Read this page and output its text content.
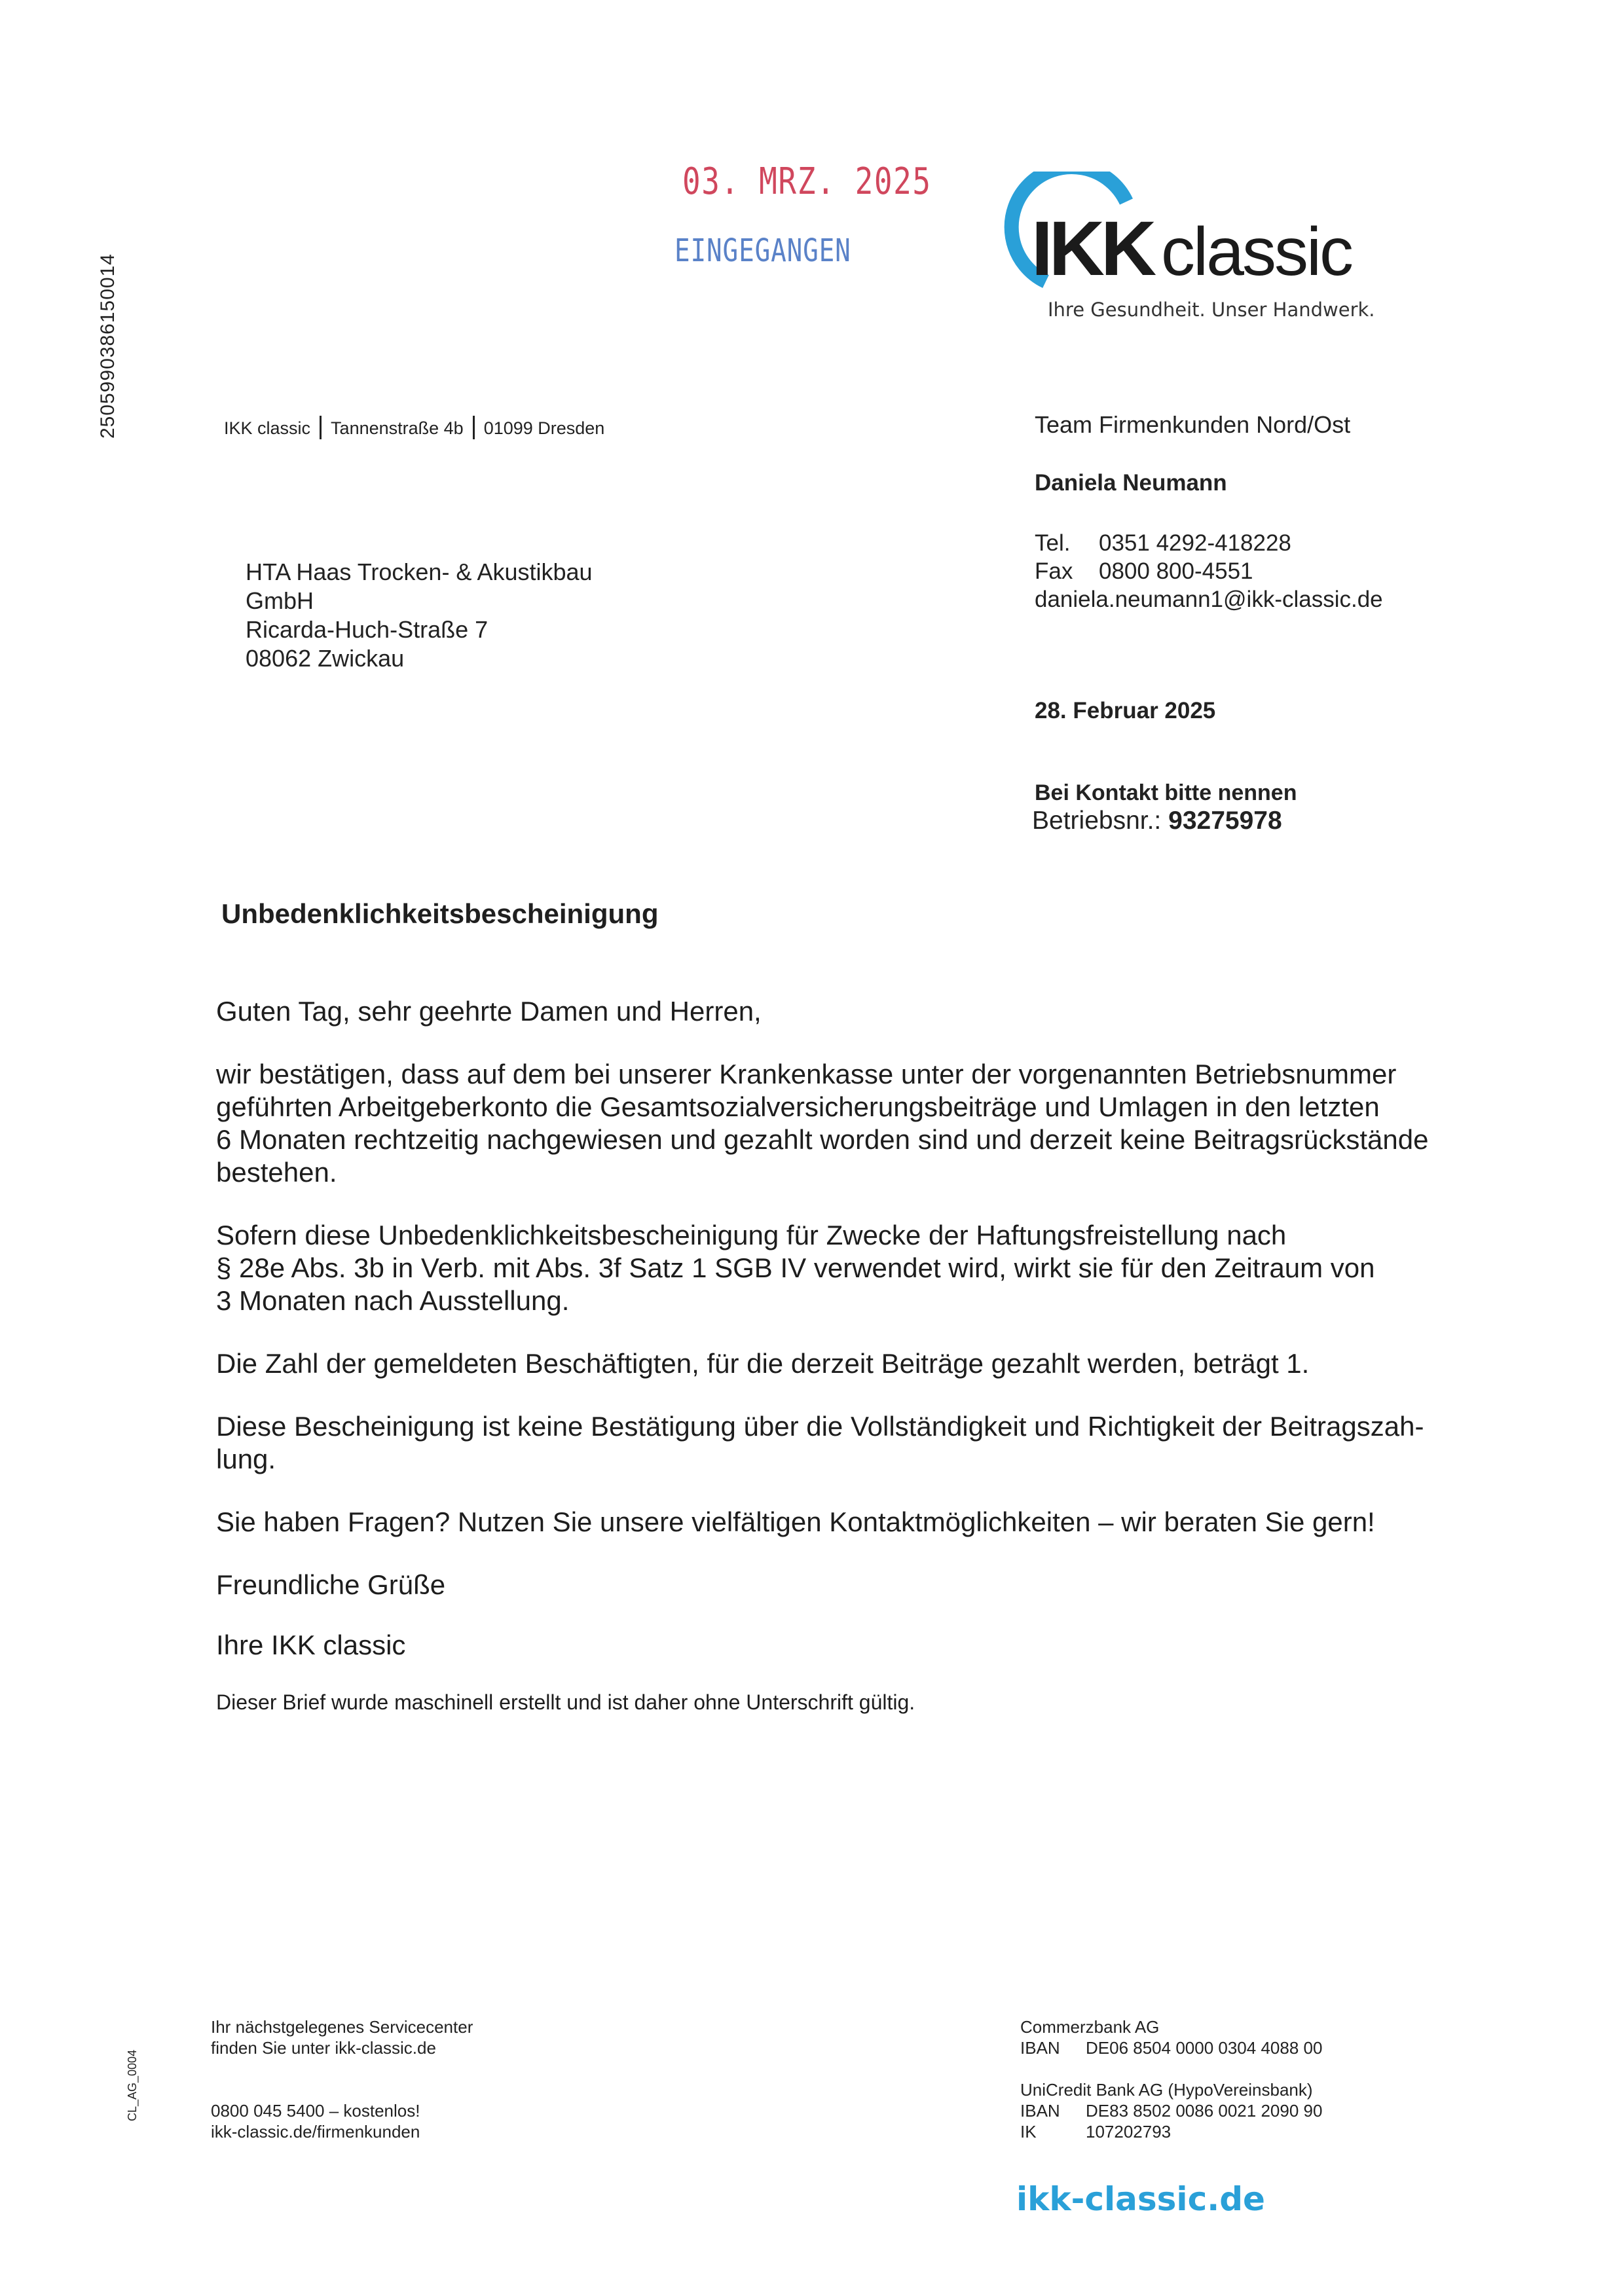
2505990386150014
CL_AG_0004
03. MRZ. 2025
EINGEGANGEN IKK classic
Ihre Gesundheit. Unser Handwerk.
IKK classic Tannenstraße 4b 01099 Dresden
HTA Haas Trocken- & Akustikbau
GmbH
Ricarda-Huch-Straße 7
08062 Zwickau
Team Firmenkunden Nord/Ost
Daniela Neumann
Tel. 0351 4292-418228
Fax 0800 800-4551
daniela.neumann1@ikk-classic.de
28. Februar 2025
Bei Kontakt bitte nennen
Betriebsnr.: 93275978
Unbedenklichkeitsbescheinigung

Guten Tag, sehr geehrte Damen und Herren,

wir bestätigen, dass auf dem bei unserer Krankenkasse unter der vorgenannten Betriebsnummer
geführten Arbeitgeberkonto die Gesamtsozialversicherungsbeiträge und Umlagen in den letzten
6 Monaten rechtzeitig nachgewiesen und gezahlt worden sind und derzeit keine Beitragsrückstände
bestehen.

Sofern diese Unbedenklichkeitsbescheinigung für Zwecke der Haftungsfreistellung nach
§ 28e Abs. 3b in Verb. mit Abs. 3f Satz 1 SGB IV verwendet wird, wirkt sie für den Zeitraum von
3 Monaten nach Ausstellung.

Die Zahl der gemeldeten Beschäftigten, für die derzeit Beiträge gezahlt werden, beträgt 1.

Diese Bescheinigung ist keine Bestätigung über die Vollständigkeit und Richtigkeit der Beitragszah-
lung.

Sie haben Fragen? Nutzen Sie unsere vielfältigen Kontaktmöglichkeiten – wir beraten Sie gern!

Freundliche Grüße

Ihre IKK classic

Dieser Brief wurde maschinell erstellt und ist daher ohne Unterschrift gültig.

Ihr nächstgelegenes Servicecenter
finden Sie unter ikk-classic.de
0800 045 5400 – kostenlos!
ikk-classic.de/firmenkunden
Commerzbank AG
IBAN DE06 8504 0000 0304 4088 00
UniCredit Bank AG (HypoVereinsbank)
IBAN DE83 8502 0086 0021 2090 90
IK	107202793
ikk-classic.de
